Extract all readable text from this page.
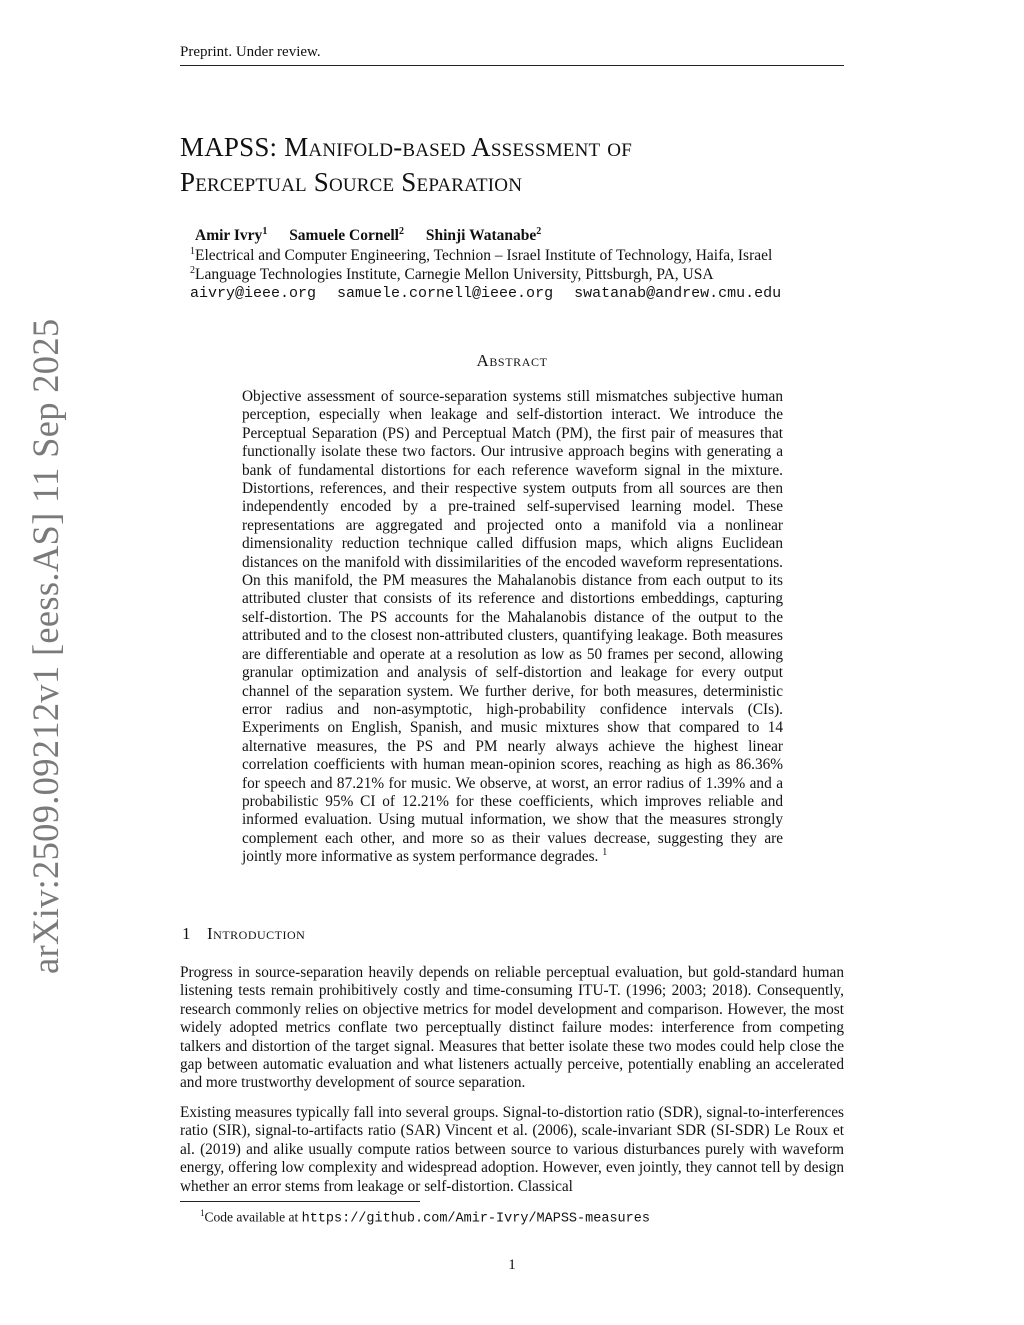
Preprint. Under review.
MAPSS: Manifold-based Assessment of
Perceptual Source Separation
Amir Ivry$^1$ Samuele Cornell$^2$ Shinji Watanabe$^2$
$^1$Electrical and Computer Engineering, Technion – Israel Institute of Technology, Haifa, Israel
$^2$Language Technologies Institute, Carnegie Mellon University, Pittsburgh, PA, USA
aivry@ieee.org samuele.cornell@ieee.org swatanab@andrew.cmu.edu
Abstract

Objective assessment of source-separation systems still mismatches subjective human perception, especially when leakage and self-distortion interact. We introduce the Perceptual Separation (PS) and Perceptual Match (PM), the first pair of measures that functionally isolate these two factors. Our intrusive approach begins with generating a bank of fundamental distortions for each reference waveform signal in the mixture. Distortions, references, and their respective system outputs from all sources are then independently encoded by a pre-trained self-supervised learning model. These representations are aggregated and projected onto a manifold via a nonlinear dimensionality reduction technique called diffusion maps, which aligns Euclidean distances on the manifold with dissimilarities of the encoded waveform representations. On this manifold, the PM measures the Mahalanobis distance from each output to its attributed cluster that consists of its reference and distortions embeddings, capturing self-distortion. The PS accounts for the Mahalanobis distance of the output to the attributed and to the closest non-attributed clusters, quantifying leakage. Both measures are differentiable and operate at a resolution as low as 50 frames per second, allowing granular optimization and analysis of self-distortion and leakage for every output channel of the separation system. We further derive, for both measures, deterministic error radius and non-asymptotic, high-probability confidence intervals (CIs). Experiments on English, Spanish, and music mixtures show that compared to 14 alternative measures, the PS and PM nearly always achieve the highest linear correlation coefficients with human mean-opinion scores, reaching as high as 86.36% for speech and 87.21% for music. We observe, at worst, an error radius of 1.39% and a probabilistic 95% CI of 12.21% for these coefficients, which improves reliable and informed evaluation. Using mutual information, we show that the measures strongly complement each other, and more so as their values decrease, suggesting they are jointly more informative as system performance degrades. $^1$

arXiv:2509.09212v1 [eess.AS] 11 Sep 2025	1 Introduction

Progress in source-separation heavily depends on reliable perceptual evaluation, but gold-standard human listening tests remain prohibitively costly and time-consuming ITU-T. (1996; 2003; 2018). Consequently, research commonly relies on objective metrics for model development and comparison. However, the most widely adopted metrics conflate two perceptually distinct failure modes: interference from competing talkers and distortion of the target signal. Measures that better isolate these two modes could help close the gap between automatic evaluation and what listeners actually perceive, potentially enabling an accelerated and more trustworthy development of source separation.

Existing measures typically fall into several groups. Signal-to-distortion ratio (SDR), signal-to-interferences ratio (SIR), signal-to-artifacts ratio (SAR) Vincent et al. (2006), scale-invariant SDR (SI-SDR) Le Roux et al. (2019) and alike usually compute ratios between source to various disturbances purely with waveform energy, offering low complexity and widespread adoption. However, even jointly, they cannot tell by design whether an error stems from leakage or self-distortion. Classical

$^1$Code available at https://github.com/Amir-Ivry/MAPSS-measures
1
